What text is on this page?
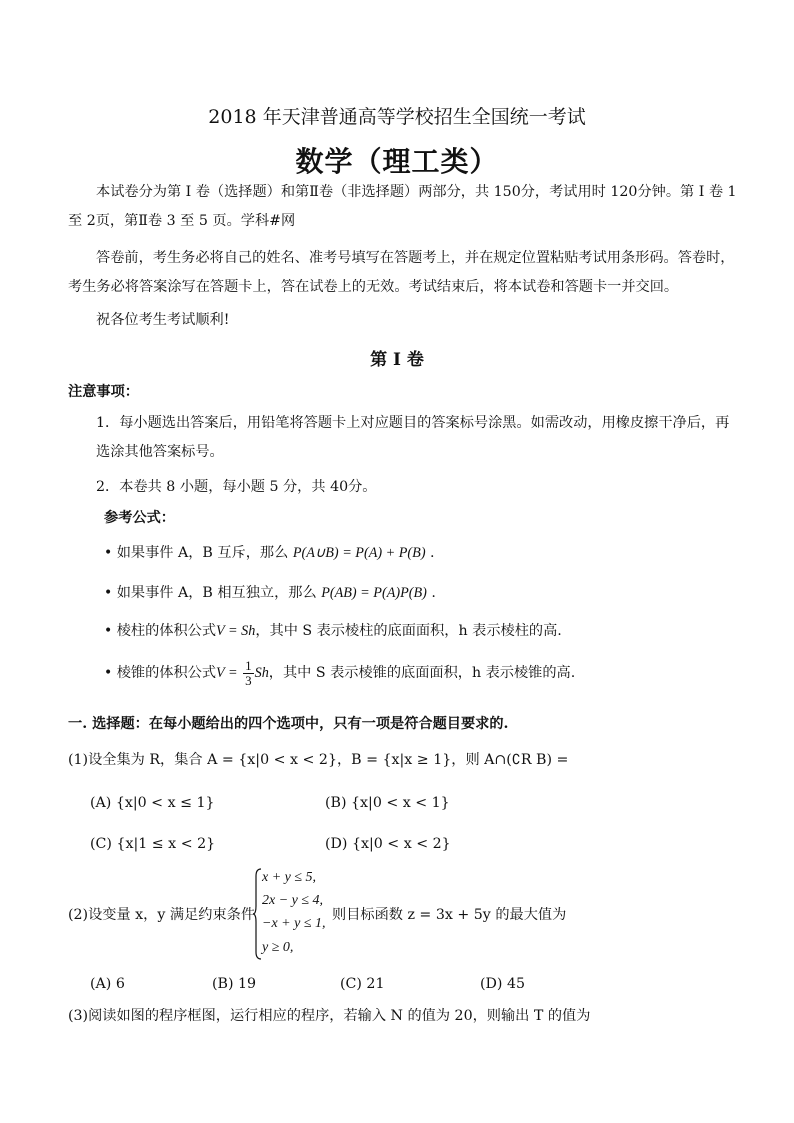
2018 年天津普通高等学校招生全国统一考试
数学（理工类）
本试卷分为第 I 卷（选择题）和第Ⅱ卷（非选择题）两部分，共 150分，考试用时 120分钟。第 I 卷 1
至 2页，第Ⅱ卷 3 至 5 页。学科#网
答卷前，考生务必将自己的姓名、准考号填写在答题考上，并在规定位置粘贴考试用条形码。答卷时，
考生务必将答案涂写在答题卡上，答在试卷上的无效。考试结束后，将本试卷和答题卡一并交回。
祝各位考生考试顺利!
第 I 卷
注意事项：
1．每小题选出答案后，用铅笔将答题卡上对应题目的答案标号涂黑。如需改动，用橡皮擦干净后，再
选涂其他答案标号。
2．本卷共 8 小题，每小题 5 分，共 40分。
参考公式：
• 如果事件 A，B 互斥，那么 P(A∪B) = P(A) + P(B) .
• 如果事件 A，B 相互独立，那么 P(AB) = P(A)P(B) .
• 棱柱的体积公式V = Sh，其中 S 表示棱柱的底面面积，h 表示棱柱的高.
• 棱锥的体积公式$V = \frac{1}{3}$ Sh，其中 S 表示棱锥的底面面积，h 表示棱锥的高.
一. 选择题：在每小题给出的四个选项中，只有一项是符合题目要求的.
(1)设全集为 R，集合 A = {x|0 < x < 2}，B = {x|x ≥ 1}，则 A∩(∁R B) =
(A) {x|0 < x ≤ 1}	(B) {x|0 < x < 1}
(C) {x|1 ≤ x < 2}	(D) {x|0 < x < 2}
(2)设变量 x，y 满足约束条件
x + y ≤ 5,
2x − y ≤ 4,
−x + y ≤ 1,
y ≥ 0,
则目标函数 z = 3x + 5y 的最大值为
(A) 6	(B) 19	(C) 21	(D) 45
(3)阅读如图的程序框图，运行相应的程序，若输入 N 的值为 20，则输出 T 的值为
